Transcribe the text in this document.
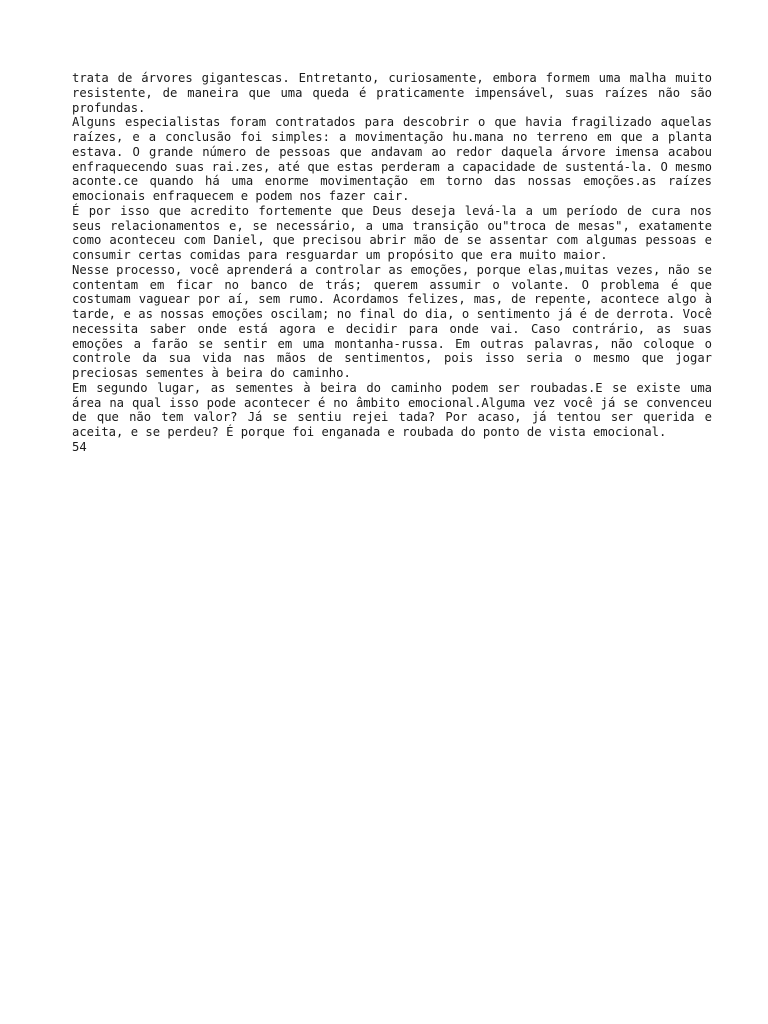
trata de árvores gigantescas. Entretanto, curiosamente, embora formem uma malha muito resistente, de maneira que uma queda é praticamente impensável, suas raízes não são profundas.

Alguns especialistas foram contratados para descobrir o que havia fragilizado aquelas raízes, e a conclusão foi simples: a movimentação hu.mana no terreno em que a planta estava. O grande número de pessoas que andavam ao redor daquela árvore imensa acabou enfraquecendo suas rai.zes, até que estas perderam a capacidade de sustentá-la. O mesmo aconte.ce quando há uma enorme movimentação em torno das nossas emoções.as raízes emocionais enfraquecem e podem nos fazer cair.

É por isso que acredito fortemente que Deus deseja levá-la a um período de cura nos seus relacionamentos e, se necessário, a uma transição ou"troca de mesas", exatamente como aconteceu com Daniel, que precisou abrir mão de se assentar com algumas pessoas e consumir certas comidas para resguardar um propósito que era muito maior.

Nesse processo, você aprenderá a controlar as emoções, porque elas,muitas vezes, não se contentam em ficar no banco de trás; querem assumir o volante. O problema é que costumam vaguear por aí, sem rumo. Acordamos felizes, mas, de repente, acontece algo à tarde, e as nossas emoções oscilam; no final do dia, o sentimento já é de derrota. Você necessita saber onde está agora e decidir para onde vai. Caso contrário, as suas emoções a farão se sentir em uma montanha-russa. Em outras palavras, não coloque o controle da sua vida nas mãos de sentimentos, pois isso seria o mesmo que jogar preciosas sementes à beira do caminho.

Em segundo lugar, as sementes à beira do caminho podem ser roubadas.E se existe uma área na qual isso pode acontecer é no âmbito emocional.Alguma vez você já se convenceu de que não tem valor? Já se sentiu rejei tada? Por acaso, já tentou ser querida e aceita, e se perdeu? É porque foi enganada e roubada do ponto de vista emocional.

54
